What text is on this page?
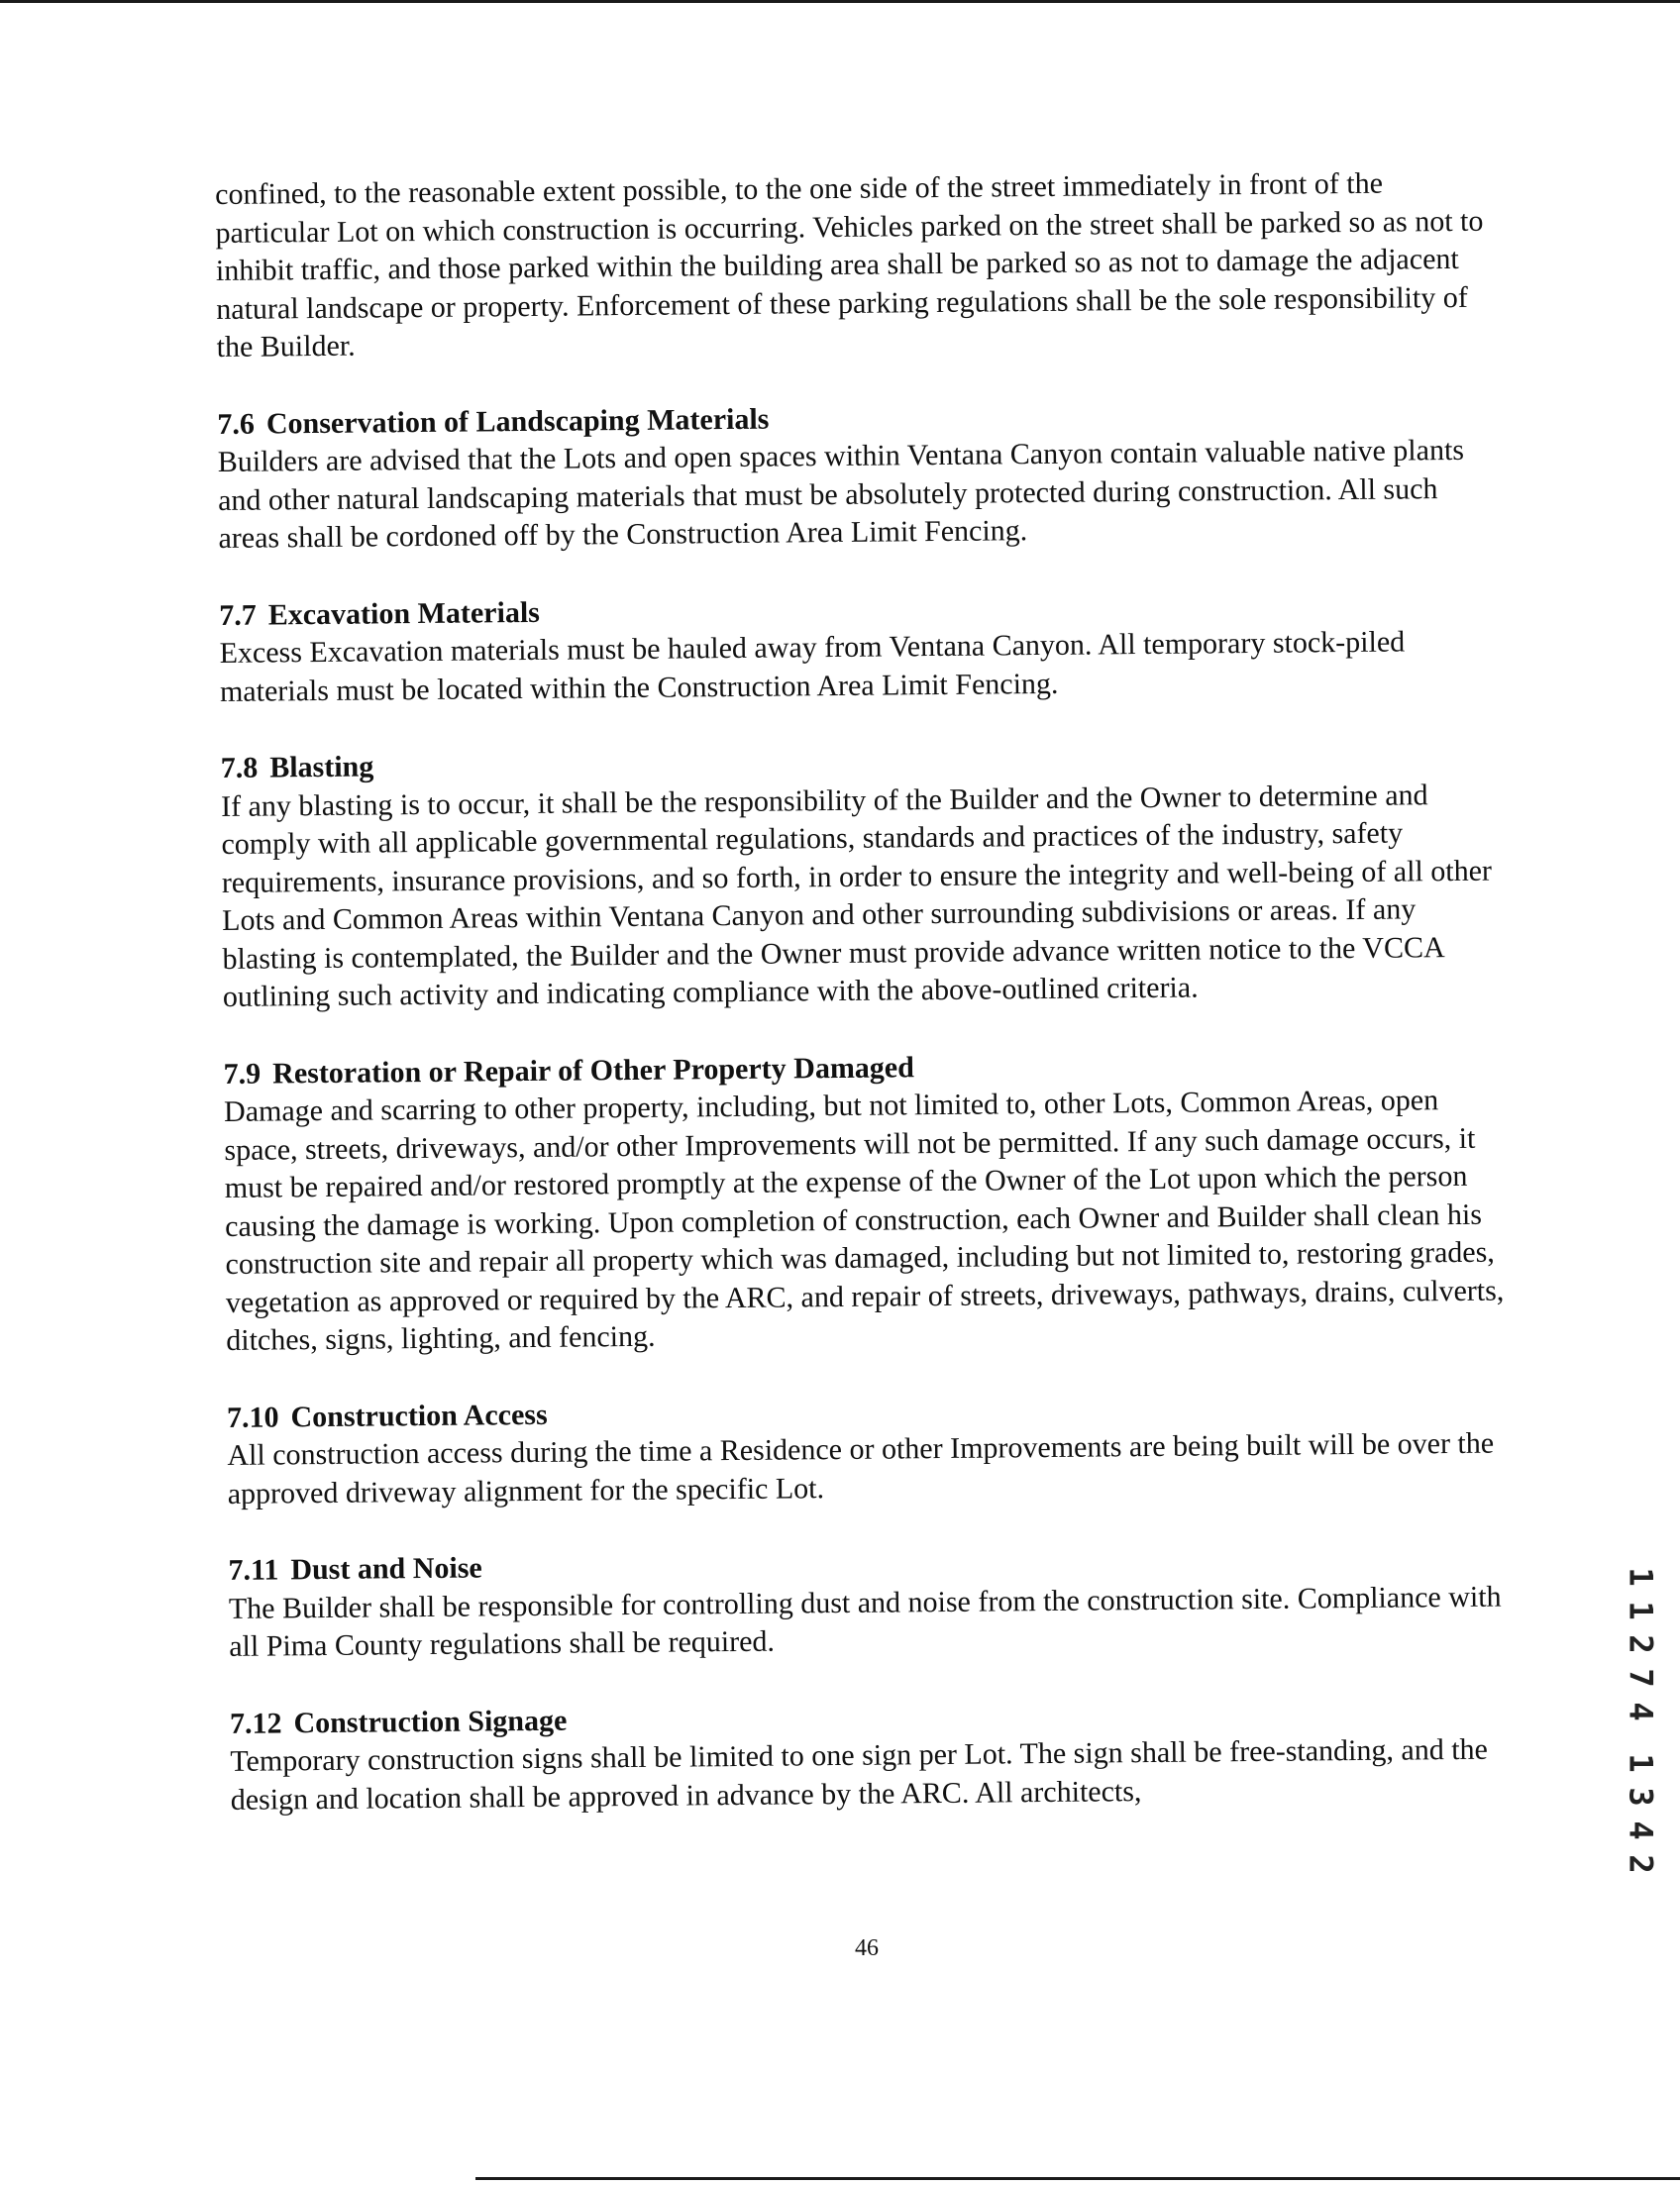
confined, to the reasonable extent possible, to the one side of the street immediately in front of the particular Lot on which construction is occurring. Vehicles parked on the street shall be parked so as not to inhibit traffic, and those parked within the building area shall be parked so as not to damage the adjacent natural landscape or property. Enforcement of these parking regulations shall be the sole responsibility of the Builder.

7.6 Conservation of Landscaping Materials

Builders are advised that the Lots and open spaces within Ventana Canyon contain valuable native plants and other natural landscaping materials that must be absolutely protected during construction. All such areas shall be cordoned off by the Construction Area Limit Fencing.

7.7 Excavation Materials

Excess Excavation materials must be hauled away from Ventana Canyon. All temporary stock-piled materials must be located within the Construction Area Limit Fencing.

7.8 Blasting

If any blasting is to occur, it shall be the responsibility of the Builder and the Owner to determine and comply with all applicable governmental regulations, standards and practices of the industry, safety requirements, insurance provisions, and so forth, in order to ensure the integrity and well-being of all other Lots and Common Areas within Ventana Canyon and other surrounding subdivisions or areas. If any blasting is contemplated, the Builder and the Owner must provide advance written notice to the VCCA outlining such activity and indicating compliance with the above-outlined criteria.

7.9 Restoration or Repair of Other Property Damaged

Damage and scarring to other property, including, but not limited to, other Lots, Common Areas, open space, streets, driveways, and/or other Improvements will not be permitted. If any such damage occurs, it must be repaired and/or restored promptly at the expense of the Owner of the Lot upon which the person causing the damage is working. Upon completion of construction, each Owner and Builder shall clean his construction site and repair all property which was damaged, including but not limited to, restoring grades, vegetation as approved or required by the ARC, and repair of streets, driveways, pathways, drains, culverts, ditches, signs, lighting, and fencing.

7.10 Construction Access

All construction access during the time a Residence or other Improvements are being built will be over the approved driveway alignment for the specific Lot.

7.11 Dust and Noise

The Builder shall be responsible for controlling dust and noise from the construction site. Compliance with all Pima County regulations shall be required.

7.12 Construction Signage

Temporary construction signs shall be limited to one sign per Lot. The sign shall be free-standing, and the design and location shall be approved in advance by the ARC. All architects,

46
1
1
2
7
4
1
3
4
2
